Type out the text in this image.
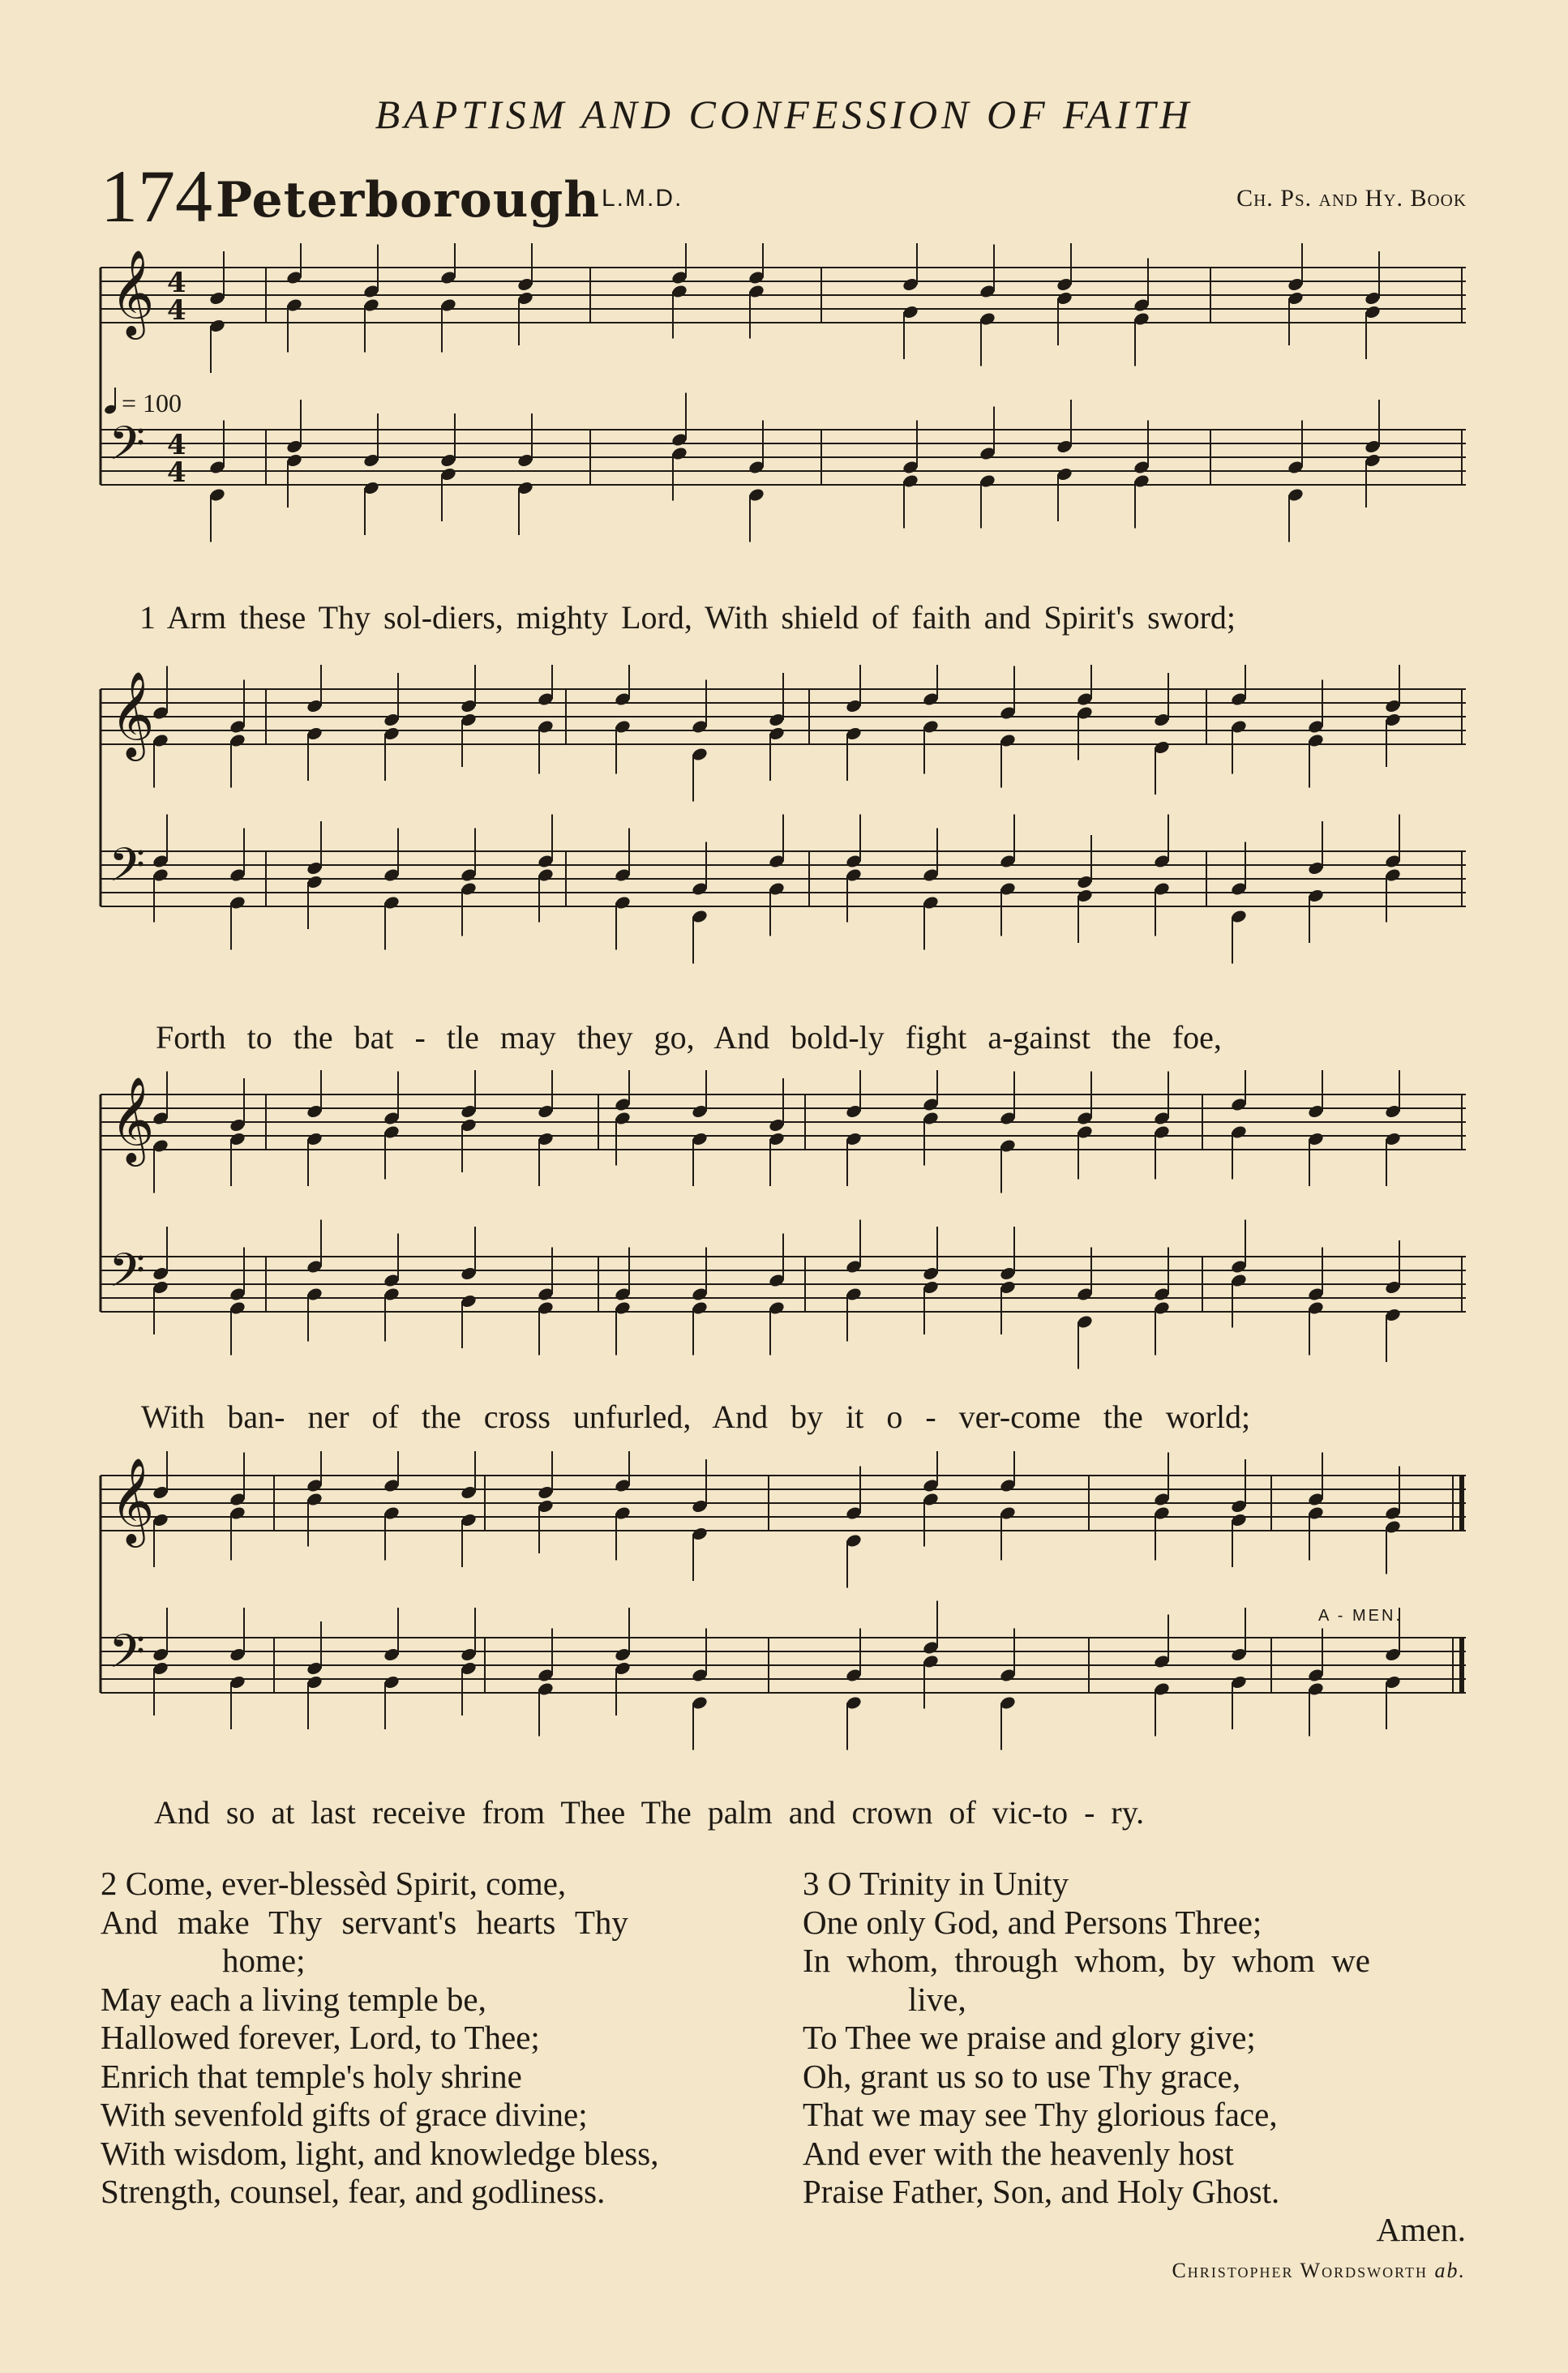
BAPTISM AND CONFESSION OF FAITH
174 Peterborough L.M.D.	Ch. Ps. and Hy. Book
= 100
𝄞
𝄢
4
4
4
4
1 Arm these Thy sol-diers, mighty Lord, With shield of faith and Spirit's sword;
𝄞
𝄢
Forth to the bat - tle may they go, And bold-ly fight a-gainst the foe,
𝄞
𝄢
With ban- ner of the cross unfurled, And by it o - ver-come the world;
𝄞
𝄢
A - MEN.
And so at last receive from Thee The palm and crown of vic-to - ry.
2 Come, ever-blessèd Spirit, come,
And make Thy servant's hearts Thy
home;
May each a living temple be,
Hallowed forever, Lord, to Thee;
Enrich that temple's holy shrine
With sevenfold gifts of grace divine;
With wisdom, light, and knowledge bless,
Strength, counsel, fear, and godliness.
3 O Trinity in Unity
One only God, and Persons Three;
In whom, through whom, by whom we
live,
To Thee we praise and glory give;
Oh, grant us so to use Thy grace,
That we may see Thy glorious face,
And ever with the heavenly host
Praise Father, Son, and Holy Ghost.
Amen.
Christopher Wordsworth ab.
